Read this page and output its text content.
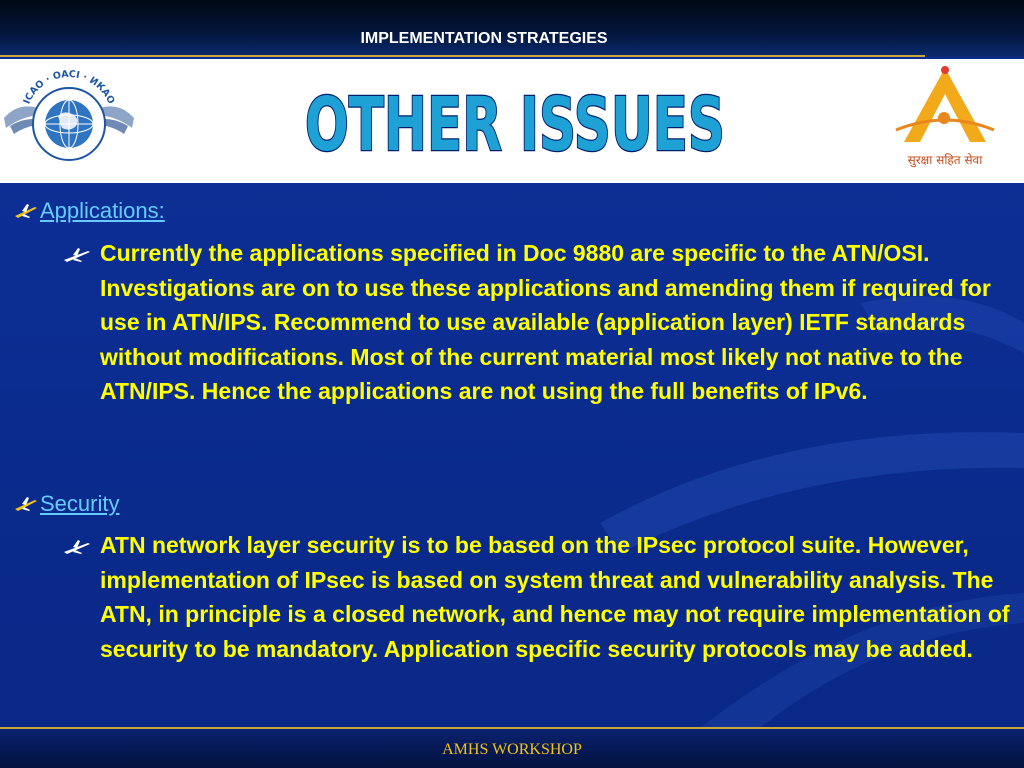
IMPLEMENTATION STRATEGIES
ICAO · OACI · ИКАО	OTHER ISSUES	सुरक्षा सहित सेवा
Applications:
Currently the applications specified in Doc 9880 are specific to the ATN/OSI. Investigations are on to use these applications and amending them if required for use in ATN/IPS. Recommend to use available (application layer) IETF standards without modifications. Most of the current material most likely not native to the ATN/IPS. Hence the applications are not using the full benefits of IPv6.
Security
ATN network layer security is to be based on the IPsec protocol suite. However, implementation of IPsec is based on system threat and vulnerability analysis. The ATN, in principle is a closed network, and hence may not require implementation of security to be mandatory. Application specific security protocols may be added.
AMHS WORKSHOP
